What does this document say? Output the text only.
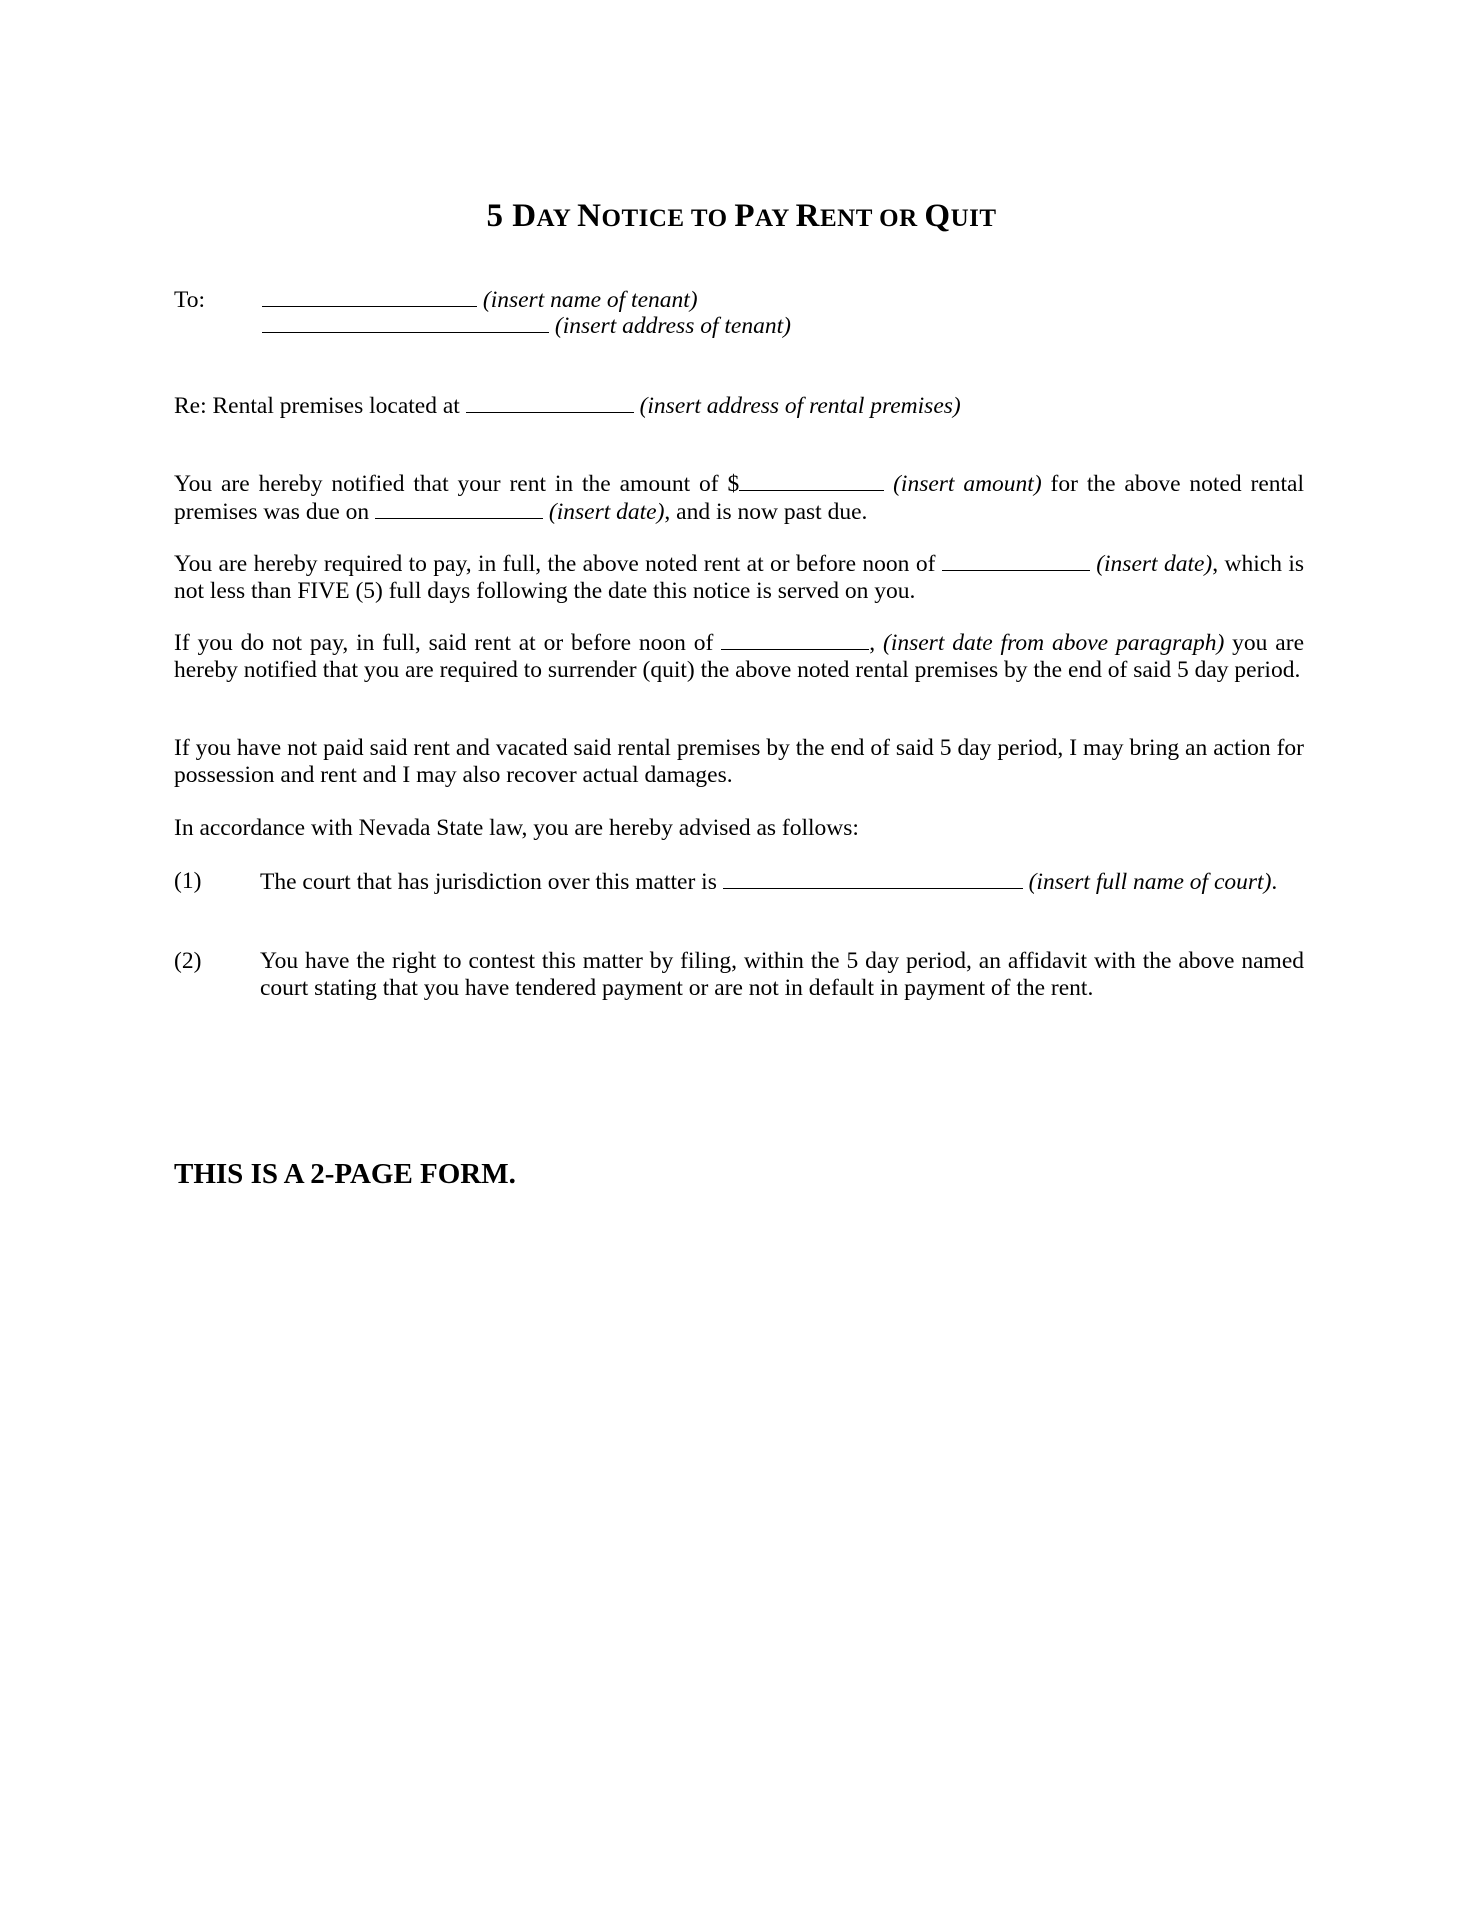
5 DAY NOTICE TO PAY RENT OR QUIT
To:	(insert name of tenant)
(insert address of tenant)
Re: Rental premises located at	(insert address of rental premises)
You are hereby notified that your rent in the amount of $	(insert amount) for the above noted rental premises was due on	(insert date), and is now past due.
You are hereby required to pay, in full, the above noted rent at or before noon of	(insert date), which is not less than FIVE (5) full days following the date this notice is served on you.
If you do not pay, in full, said rent at or before noon of	, (insert date from above paragraph) you are hereby notified that you are required to surrender (quit) the above noted rental premises by the end of said 5 day period.
If you have not paid said rent and vacated said rental premises by the end of said 5 day period, I may bring an action for possession and rent and I may also recover actual damages.
In accordance with Nevada State law, you are hereby advised as follows:
(1) The court that has jurisdiction over this matter is	(insert full name of court).
(2) You have the right to contest this matter by filing, within the 5 day period, an affidavit with the above named court stating that you have tendered payment or are not in default in payment of the rent.
THIS IS A 2-PAGE FORM.
